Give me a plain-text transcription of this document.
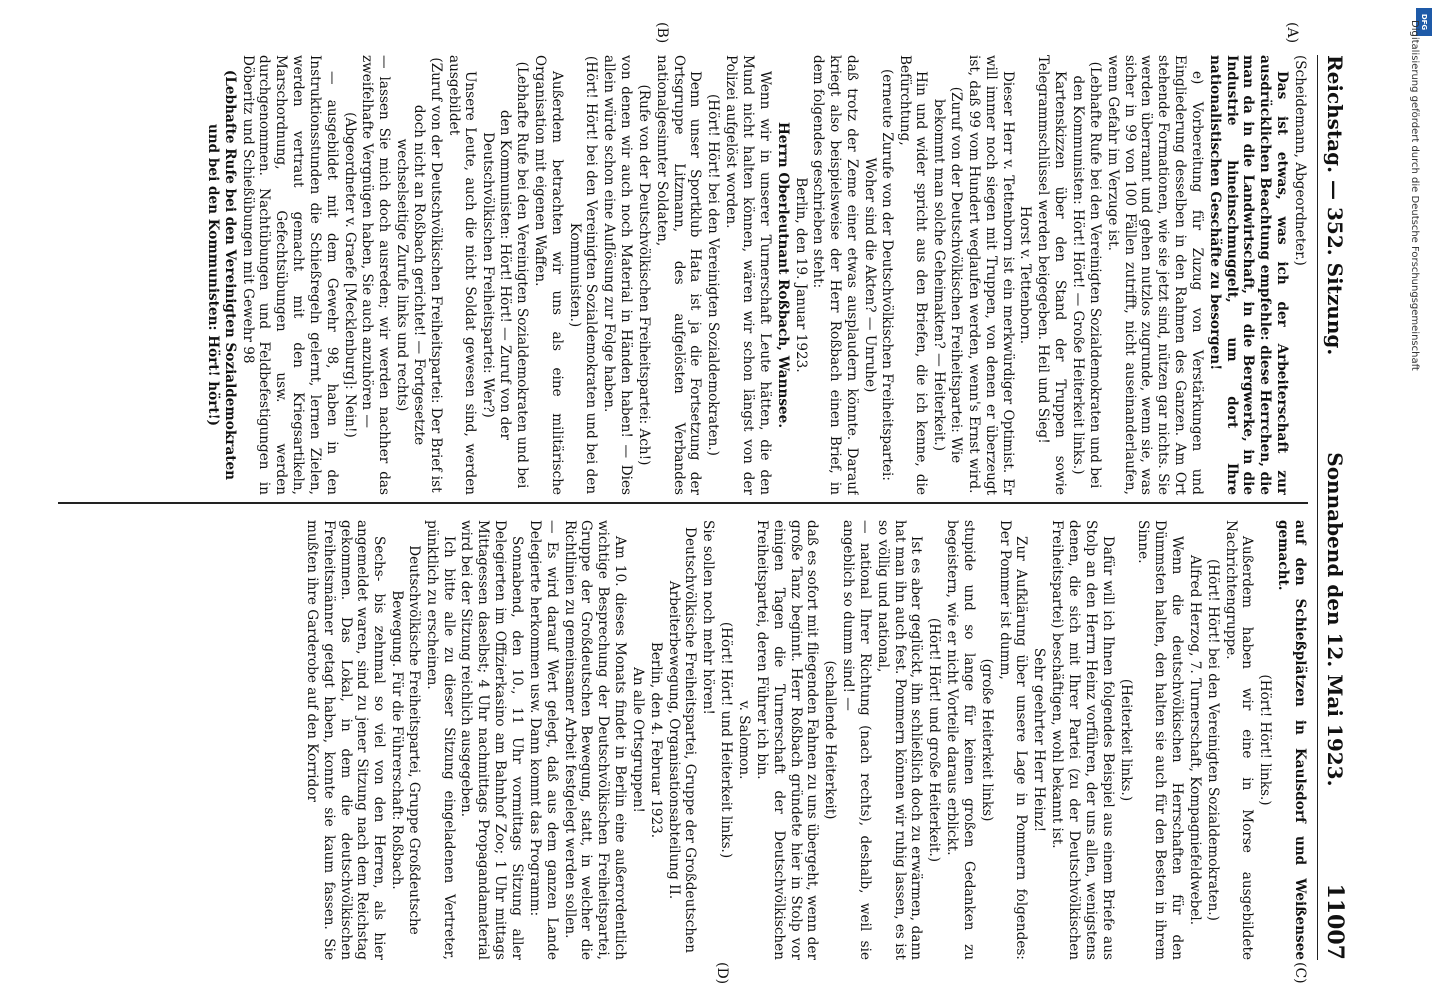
Reichstag. — 352. Sitzung.
Sonnabend den 12. Mai 1923.
11007
(A)
(B)
(C)
(D)

(Scheidemann, Abgeordneter.)

Das ist etwas, was ich der Arbeiterschaft zur ausdrücklichen Beachtung empfehle: diese Herrchen, die man da in die Landwirtschaft, in die Bergwerke, in die Industrie hineinschmuggelt, um dort Ihre nationalistischen Geschäfte zu besorgen!

e) Vorbereitung für Zuzug von Verstärkungen und Eingliederung desselben in den Rahmen des Ganzen. Am Ort stehende Formationen, wie sie jetzt sind, nützen gar nichts. Sie werden überrannt und gehen nutzlos zugrunde, wenn sie, was sicher in 99 von 100 Fällen zutrifft, nicht auseinanderlaufen, wenn Gefahr im Verzuge ist.

(Lebhafte Rufe bei den Vereinigten Sozialdemokraten und bei den Kommunisten: Hört! Hört! — Große Heiterkeit links.)

Kartenskizzen über den Stand der Truppen sowie Telegrammschlüssel werden beigegeben. Heil und Sieg!

Horst v. Tettenborn.

Dieser Herr v. Tettenborn ist ein merkwürdiger Optimist. Er will immer noch siegen mit Truppen, von denen er überzeugt ist, daß 99 vom Hundert weglaufen werden, wenn's Ernst wird.

(Zuruf von der Deutschvölkischen Freiheitspartei: Wie bekommt man solche Geheimakten? — Heiterkeit.)

Hin und wider spricht aus den Briefen, die ich kenne, die Befürchtung,

(erneute Zurufe von der Deutschvölkischen Freiheitspartei: Woher sind die Akten? — Unruhe)

daß trotz der Zeme einer etwas ausplaudern könnte. Darauf kriegt also beispielsweise der Herr Roßbach einen Brief, in dem folgendes geschrieben steht:

Berlin, den 19. Januar 1923.

Herrn Oberleutnant Roßbach, Wannsee.

Wenn wir in unserer Turnerschaft Leute hätten, die den Mund nicht halten können, wären wir schon längst von der Polizei aufgelöst worden.

(Hört! Hört! bei den Vereinigten Sozialdemokraten.)

Denn unser Sportklub Hata ist ja die Fortsetzung der Ortsgruppe Litzmann, des aufgelösten Verbandes nationalgesinnter Soldaten,

(Rufe von der Deutschvölkischen Freiheitspartei: Ach!)

von denen wir auch noch Material in Händen haben! — Dies allein würde schon eine Auflösung zur Folge haben.

(Hört! Hört! bei den Vereinigten Sozialdemokraten und bei den Kommunisten.)

Außerdem betrachten wir uns als eine militärische Organisation mit eigenen Waffen.

(Lebhafte Rufe bei den Vereinigten Sozialdemokraten und bei den Kommunisten: Hört! Hört! — Zuruf von der Deutschvölkischen Freiheitspartei: Wer?)

Unsere Leute, auch die nicht Soldat gewesen sind, werden ausgebildet

(Zuruf von der Deutschvölkischen Freiheitspartei: Der Brief ist doch nicht an Roßbach gerichtet! — Fortgesetzte wechselseitige Zurufe links und rechts)

— lassen Sie mich doch ausreden; wir werden nachher das zweifelhafte Vergnügen haben, Sie auch anzuhören —

(Abgeordneter v. Graefe [Mecklenburg]: Nein!)

— ausgebildet mit dem Gewehr 98, haben in den Instruktionsstunden die Schießregeln gelernt, lernen Zielen, werden vertraut gemacht mit den Kriegsartikeln, Marschordnung, Gefechtsübungen usw. werden durchgenommen. Nachtübungen und Feldbefestigungen in Döberitz und Schießübungen mit Gewehr 98

(Lebhafte Rufe bei den Vereinigten Sozialdemokraten und bei den Kommunisten: Hört! hört!)

auf den Schießplätzen in Kaulsdorf und Weißensee gemacht.

(Hört! Hört! links.)

Außerdem haben wir eine in Morse ausgebildete Nachrichtengruppe.

(Hört! Hört! bei den Vereinigten Sozialdemokraten.)

Alfred Herzog, 7. Turnerschaft, Kompagniefeldwebel.

Wenn die deutschvölkischen Herrschaften für den Dümmsten halten, den halten sie auch für den Besten in ihrem Sinne.

(Heiterkeit links.)

Dafür will ich Ihnen folgendes Beispiel aus einem Briefe aus Stolp an den Herrn Heinz vorführen, der uns allen, wenigstens denen, die sich mit Ihrer Partei (zu der Deutschvölkischen Freiheitspartei) beschäftigen, wohl bekannt ist.

Sehr geehrter Herr Heinz!

Zur Aufklärung über unsere Lage in Pommern folgendes: Der Pommer ist dumm,

(große Heiterkeit links)

stupide und so lange für keinen großen Gedanken zu begeistern, wie er nicht Vorteile daraus erblickt.

(Hört! Hört! und große Heiterkeit.)

Ist es aber geglückt, ihn schließlich doch zu erwärmen, dann hat man ihn auch fest. Pommern können wir ruhig lassen, es ist so völlig und national,

— national Ihrer Richtung (nach rechts), deshalb, weil sie angeblich so dumm sind! —

(schallende Heiterkeit)

daß es sofort mit fliegenden Fahnen zu uns übergeht, wenn der große Tanz beginnt. Herr Roßbach gründete hier in Stolp vor einigen Tagen die Turnerschaft der Deutschvölkischen Freiheitspartei, deren Führer ich bin.

v. Salomon.

(Hört! Hört! und Heiterkeit links.)

Sie sollen noch mehr hören!

Deutschvölkische Freiheitspartei, Gruppe der Großdeutschen Arbeiterbewegung, Organisationsabteilung II.

Berlin, den 4. Februar 1923.

An alle Ortsgruppen!

Am 10. dieses Monats findet in Berlin eine außerordentlich wichtige Besprechung der Deutschvölkischen Freiheitspartei, Gruppe der Großdeutschen Bewegung, statt, in welcher die Richtlinien zu gemeinsamer Arbeit festgelegt werden sollen.

— Es wird darauf Wert gelegt, daß aus dem ganzen Lande Delegierte herkommen usw. Dann kommt das Programm:

Sonnabend, den 10., 11 Uhr vormittags Sitzung aller Delegierten im Offizierkasino am Bahnhof Zoo; 1 Uhr mittags Mittagessen daselbst; 4 Uhr nachmittags Propagandamaterial wird bei der Sitzung reichlich ausgegeben.

Ich bitte alle zu dieser Sitzung eingeladenen Vertreter, pünktlich zu erscheinen.

Deutschvölkische Freiheitspartei, Gruppe Großdeutsche Bewegung. Für die Führerschaft: Roßbach.

Sechs- bis zehnmal so viel von den Herren, als hier angemeldet waren, sind zu jener Sitzung nach dem Reichstag gekommen. Das Lokal, in dem die deutschvölkischen Freiheitsmänner getagt haben, konnte sie kaum fassen. Sie mußten ihre Garderobe auf den Korridor

DFG
Digitalisierung gefördert durch die Deutsche Forschungsgemeinschaft
